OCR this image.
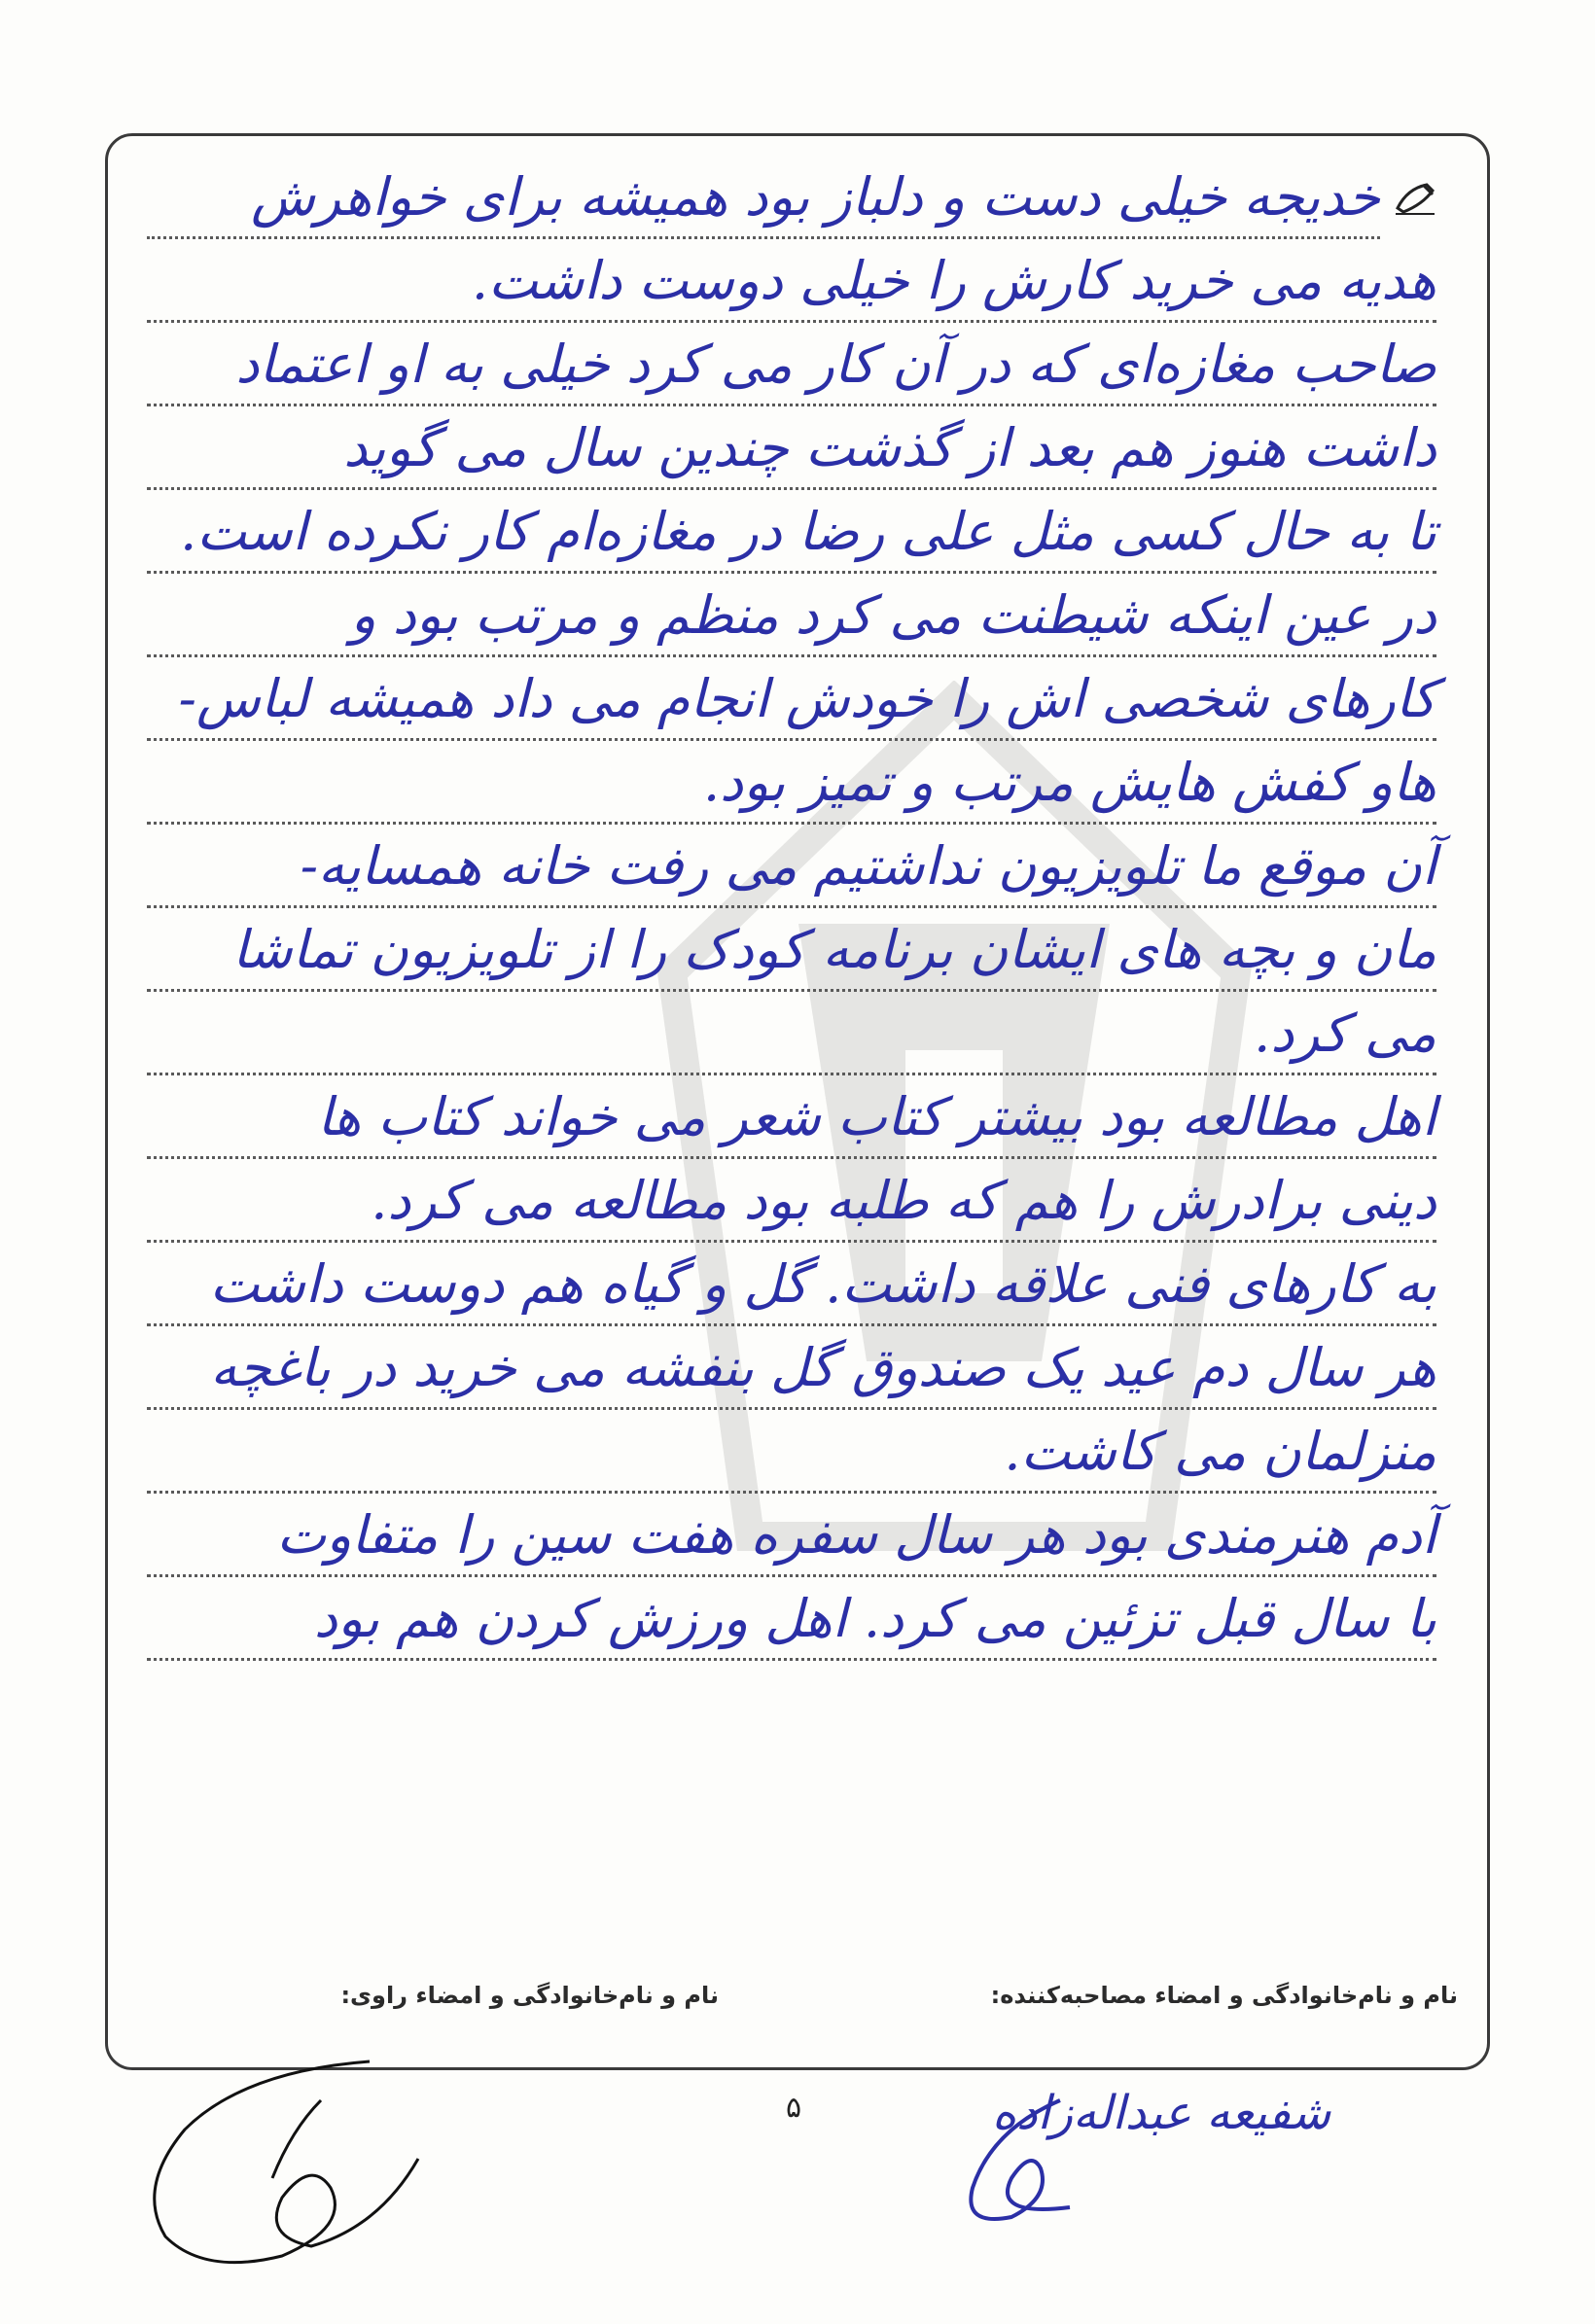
خدیجه خیلی دست و دلباز بود همیشه برای خواهرش
هدیه می خرید کارش را خیلی دوست داشت.
صاحب مغازه‌ای که در آن کار می کرد خیلی به او اعتماد
داشت هنوز هم بعد از گذشت چندین سال می گوید
تا به حال کسی مثل علی رضا در مغازه‌ام کار نکرده است.
در عین اینکه شیطنت می کرد منظم و مرتب بود و
کارهای شخصی اش را خودش انجام می داد همیشه لباس-
هاو کفش هایش مرتب و تمیز بود.
آن موقع ما تلویزیون نداشتیم می رفت خانه همسایه-
مان و بچه های ایشان برنامه کودک را از تلویزیون تماشا
می کرد.
اهل مطالعه بود بیشتر کتاب شعر می خواند کتاب ها
دینی برادرش را هم که طلبه بود مطالعه می کرد.
به کارهای فنی علاقه داشت. گل و گیاه هم دوست داشت
هر سال دم عید یک صندوق گل بنفشه می خرید در باغچه
منزلمان می کاشت.
آدم هنرمندی بود هر سال سفره هفت سین را متفاوت
با سال قبل تزئین می کرد. اهل ورزش کردن هم بود
نام و نام‌خانوادگی و امضاء مصاحبه‌کننده:
نام و نام‌خانوادگی و امضاء راوی:
شفیعه عبداله‌زاده
۵
